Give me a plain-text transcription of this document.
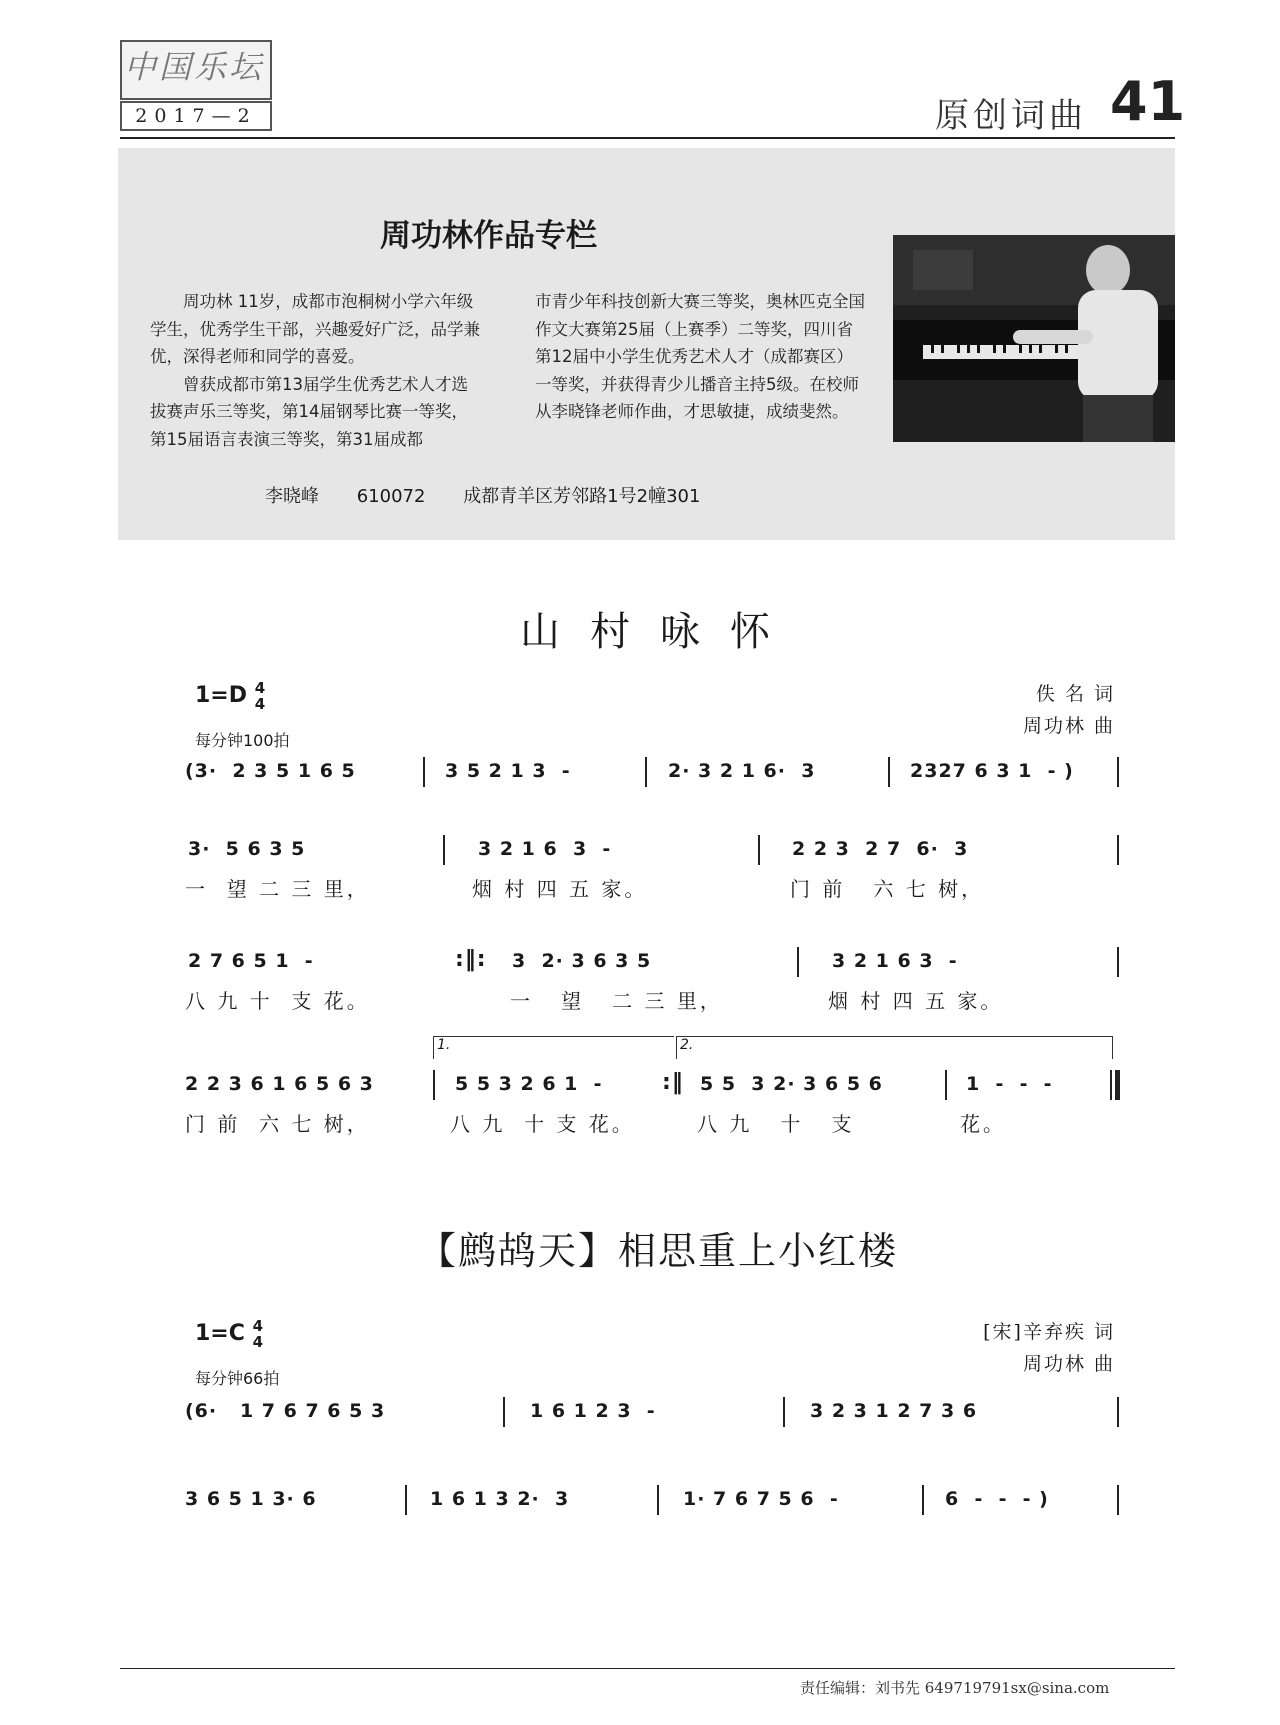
中国乐坛
2017—2	原创词曲 41
周功林作品专栏

周功林 11岁，成都市泡桐树小学六年级学生，优秀学生干部，兴趣爱好广泛，品学兼优，深得老师和同学的喜爱。

曾获成都市第13届学生优秀艺术人才选拔赛声乐三等奖，第14届钢琴比赛一等奖，第15届语言表演三等奖，第31届成都

市青少年科技创新大赛三等奖，奥林匹克全国作文大赛第25届（上赛季）二等奖，四川省第12届中小学生优秀艺术人才（成都赛区）一等奖，并获得青少儿播音主持5级。在校师从李晓锋老师作曲，才思敏捷，成绩斐然。

李晓峰 610072 成都青羊区芳邻路1号2幢301
山村咏怀
1=D 4
4
每分钟100拍
佚 名 词
周功林 曲
(3·  2 3 5 1 6 5	3 5 2 1 3  -	2· 3 2 1 6·  3	2327 6 3 1  - )
3·  5 6 3 5	3 2 1 6  3  -	2 2 3  2 7  6·  3
一  望 二 三 里，	烟 村 四 五 家。	门 前   六 七 树，
2 7 6 5 1  -	:‖: 3  2· 3 6 3 5	3 2 1 6 3  -
八 九 十  支 花。	一   望   二 三 里，	烟 村 四 五 家。
1.	2.
2 2 3 6 1 6 5 6 3	5 5 3 2 6 1  -	:‖ 5 5  3 2· 3 6 5 6	1  -  -  -
门 前  六 七 树，	八 九  十 支 花。	八 九   十   支	花。
【鹧鸪天】相思重上小红楼
1=C 4
4
每分钟66拍
[宋]辛弃疾 词
周功林 曲
(6·   1 7 6 7 6 5 3	1 6 1 2 3  -	3 2 3 1 2 7 3 6
3 6 5 1 3· 6	1 6 1 3 2·  3	1· 7 6 7 5 6  -	6  -  -  - )
责任编辑：刘书先 649719791sx@sina.com
